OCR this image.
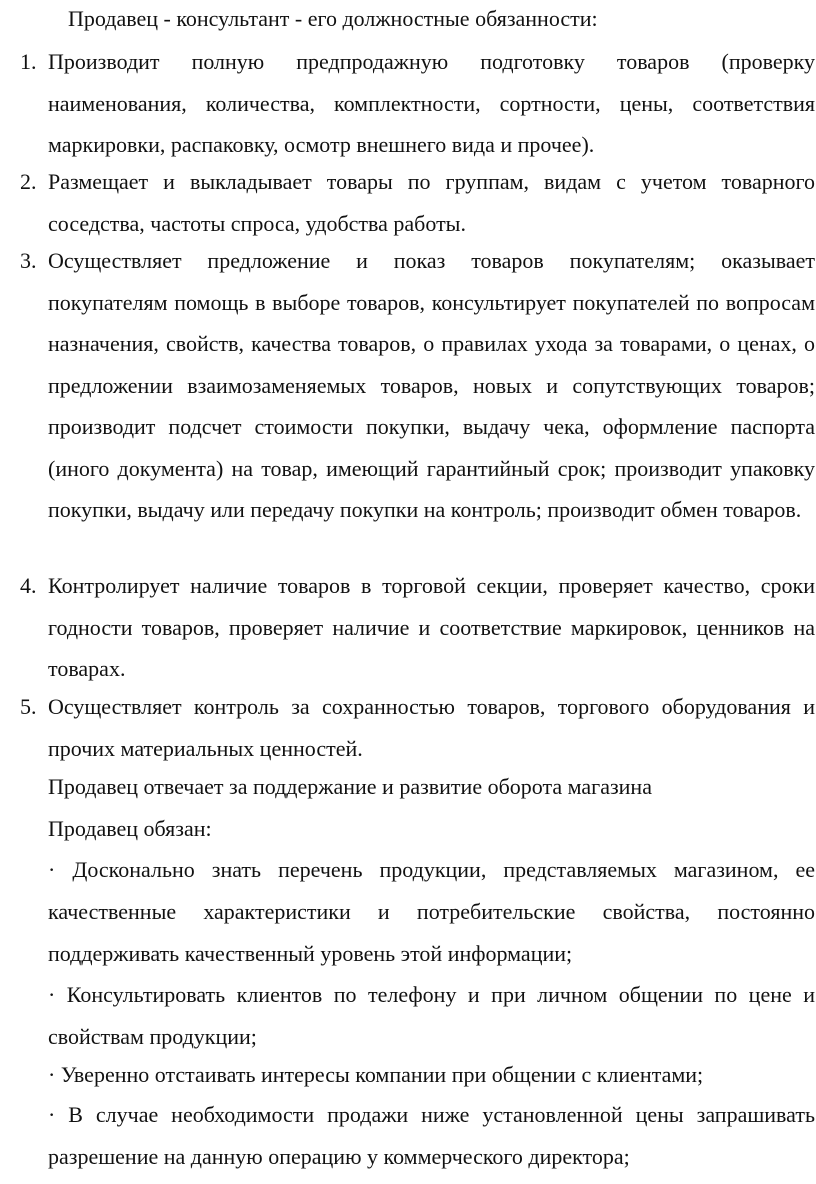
Продавец - консультант - его должностные обязанности:
1. Производит полную предпродажную подготовку товаров (проверку наименования, количества, комплектности, сортности, цены, соответствия маркировки, распаковку, осмотр внешнего вида и прочее).
2. Размещает и выкладывает товары по группам, видам с учетом товарного соседства, частоты спроса, удобства работы.
3. Осуществляет предложение и показ товаров покупателям; оказывает покупателям помощь в выборе товаров, консультирует покупателей по вопросам назначения, свойств, качества товаров, о правилах ухода за товарами, о ценах, о предложении взаимозаменяемых товаров, новых и сопутствующих товаров; производит подсчет стоимости покупки, выдачу чека, оформление паспорта (иного документа) на товар, имеющий гарантийный срок; производит упаковку покупки, выдачу или передачу покупки на контроль; производит обмен товаров.
4. Контролирует наличие товаров в торговой секции, проверяет качество, сроки годности товаров, проверяет наличие и соответствие маркировок, ценников на товарах.
5. Осуществляет контроль за сохранностью товаров, торгового оборудования и прочих материальных ценностей.
Продавец отвечает за поддержание и развитие оборота магазина
Продавец обязан:
· Досконально знать перечень продукции, представляемых магазином, ее качественные характеристики и потребительские свойства, постоянно поддерживать качественный уровень этой информации;
· Консультировать клиентов по телефону и при личном общении по цене и свойствам продукции;
· Уверенно отстаивать интересы компании при общении с клиентами;
· В случае необходимости продажи ниже установленной цены запрашивать разрешение на данную операцию у коммерческого директора;
